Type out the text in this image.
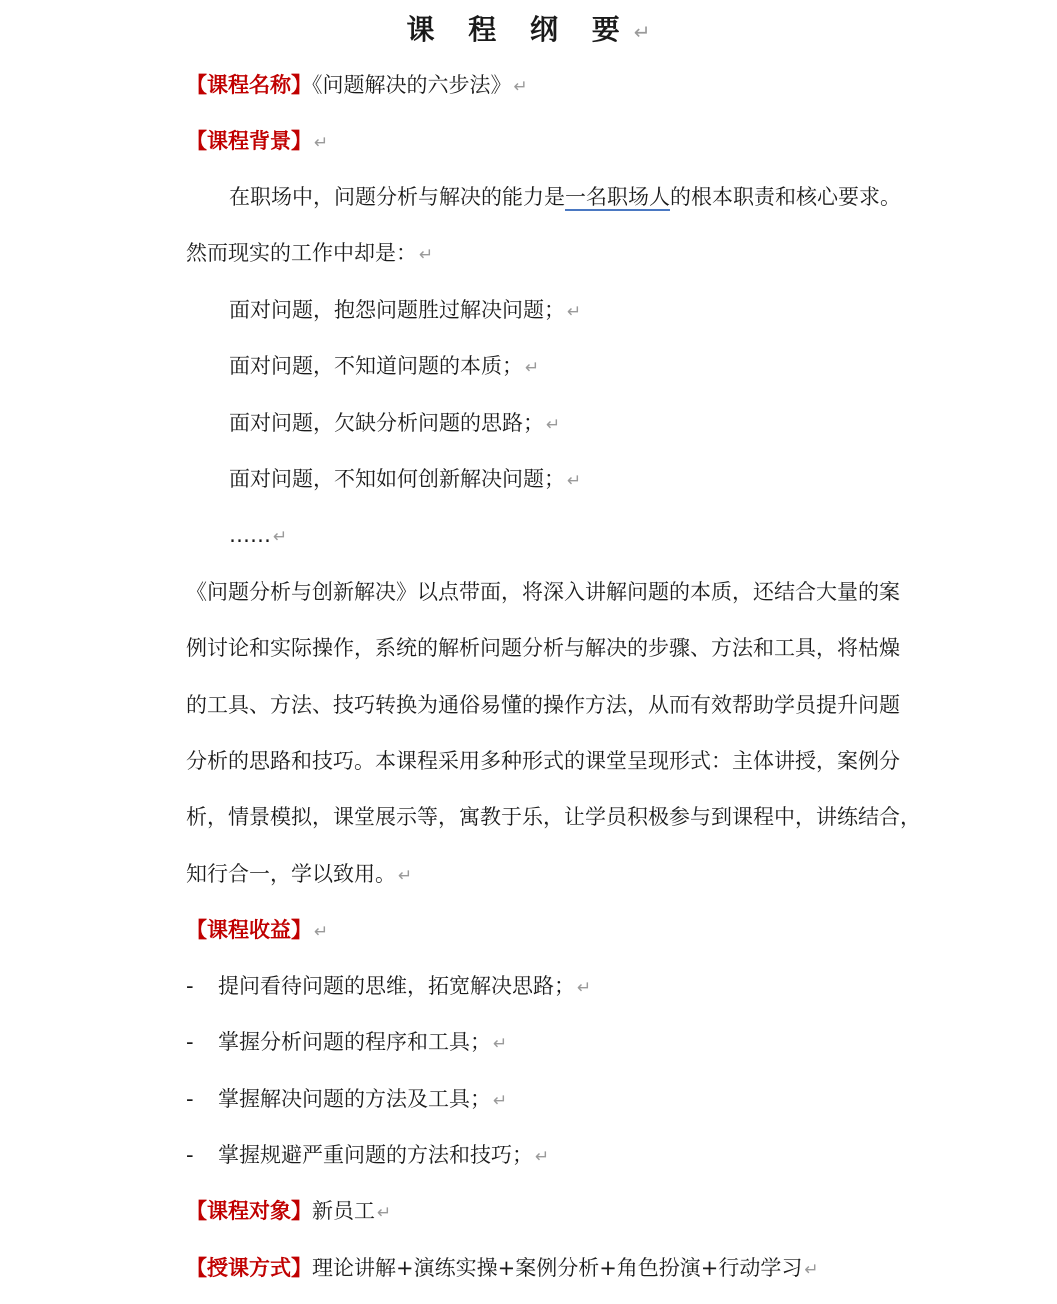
课 程 纲 要 ↵
【课程名称】《问题解决的六步法》 ↵
【课程背景】 ↵
在职场中，问题分析与解决的能力是一名职场人的根本职责和核心要求。
然而现实的工作中却是： ↵
面对问题，抱怨问题胜过解决问题； ↵
面对问题，不知道问题的本质； ↵
面对问题，欠缺分析问题的思路； ↵
面对问题，不知如何创新解决问题； ↵
…… ↵
《问题分析与创新解决》以点带面，将深入讲解问题的本质，还结合大量的案
例讨论和实际操作，系统的解析问题分析与解决的步骤、方法和工具，将枯燥
的工具、方法、技巧转换为通俗易懂的操作方法，从而有效帮助学员提升问题
分析的思路和技巧。本课程采用多种形式的课堂呈现形式：主体讲授，案例分
析，情景模拟，课堂展示等，寓教于乐，让学员积极参与到课程中，讲练结合，
知行合一，学以致用。 ↵
【课程收益】 ↵
- 提问看待问题的思维，拓宽解决思路； ↵
- 掌握分析问题的程序和工具； ↵
- 掌握解决问题的方法及工具； ↵
- 掌握规避严重问题的方法和技巧； ↵
【课程对象】新员工 ↵
【授课方式】理论讲解+演练实操+案例分析+角色扮演+行动学习 ↵
